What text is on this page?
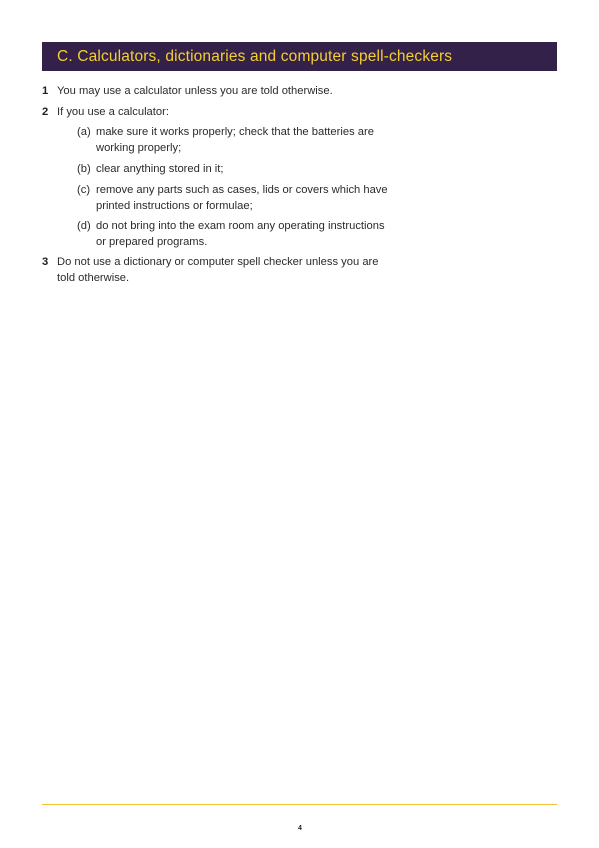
C. Calculators, dictionaries and computer spell-checkers
1 You may use a calculator unless you are told otherwise.
2 If you use a calculator:
(a) make sure it works properly; check that the batteries are
working properly;
(b) clear anything stored in it;
(c) remove any parts such as cases, lids or covers which have
printed instructions or formulae;
(d) do not bring into the exam room any operating instructions
or prepared programs.
3 Do not use a dictionary or computer spell checker unless you are
told otherwise.
4
